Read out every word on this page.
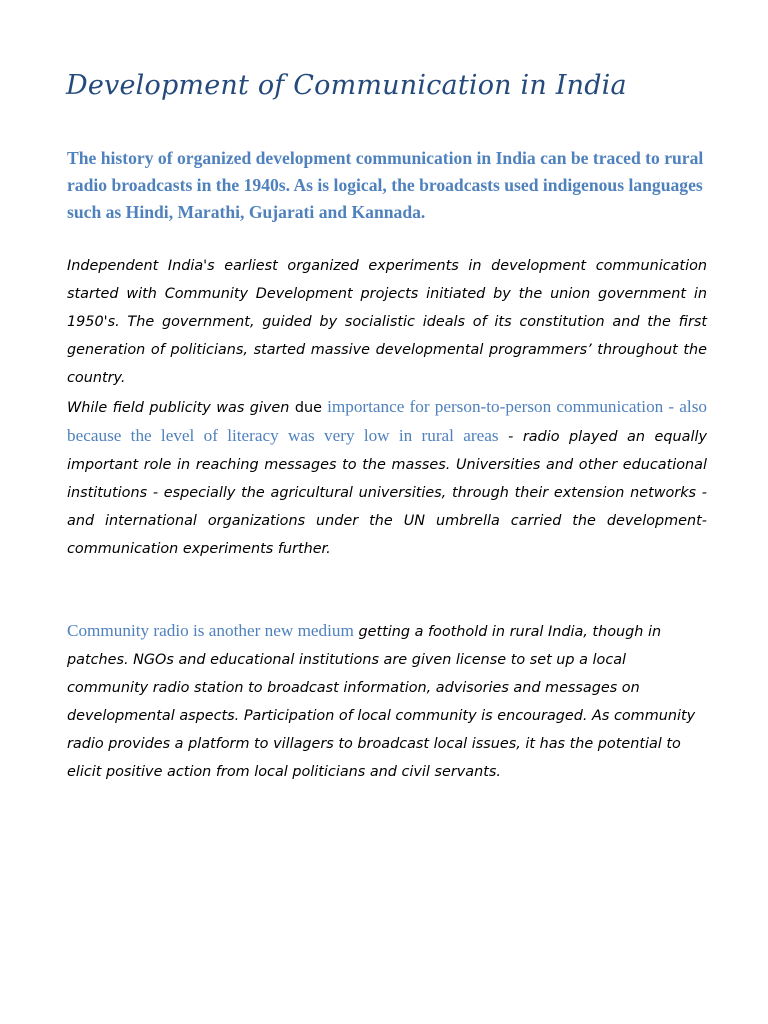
Development of Communication in India

The history of organized development communication in India can be traced to rural radio broadcasts in the 1940s. As is logical, the broadcasts used indigenous languages such as Hindi, Marathi, Gujarati and Kannada.

Independent India's earliest organized experiments in development communication started with Community Development projects initiated by the union government in 1950's. The government, guided by socialistic ideals of its constitution and the first generation of politicians, started massive developmental programmers’ throughout the country.

While field publicity was given due importance for person-to-person communication - also because the level of literacy was very low in rural areas - radio played an equally important role in reaching messages to the masses. Universities and other educational institutions - especially the agricultural universities, through their extension networks - and international organizations under the UN umbrella carried the development-communication experiments further.

Community radio is another new medium getting a foothold in rural India, though in patches. NGOs and educational institutions are given license to set up a local community radio station to broadcast information, advisories and messages on developmental aspects. Participation of local community is encouraged. As community radio provides a platform to villagers to broadcast local issues, it has the potential to elicit positive action from local politicians and civil servants.
